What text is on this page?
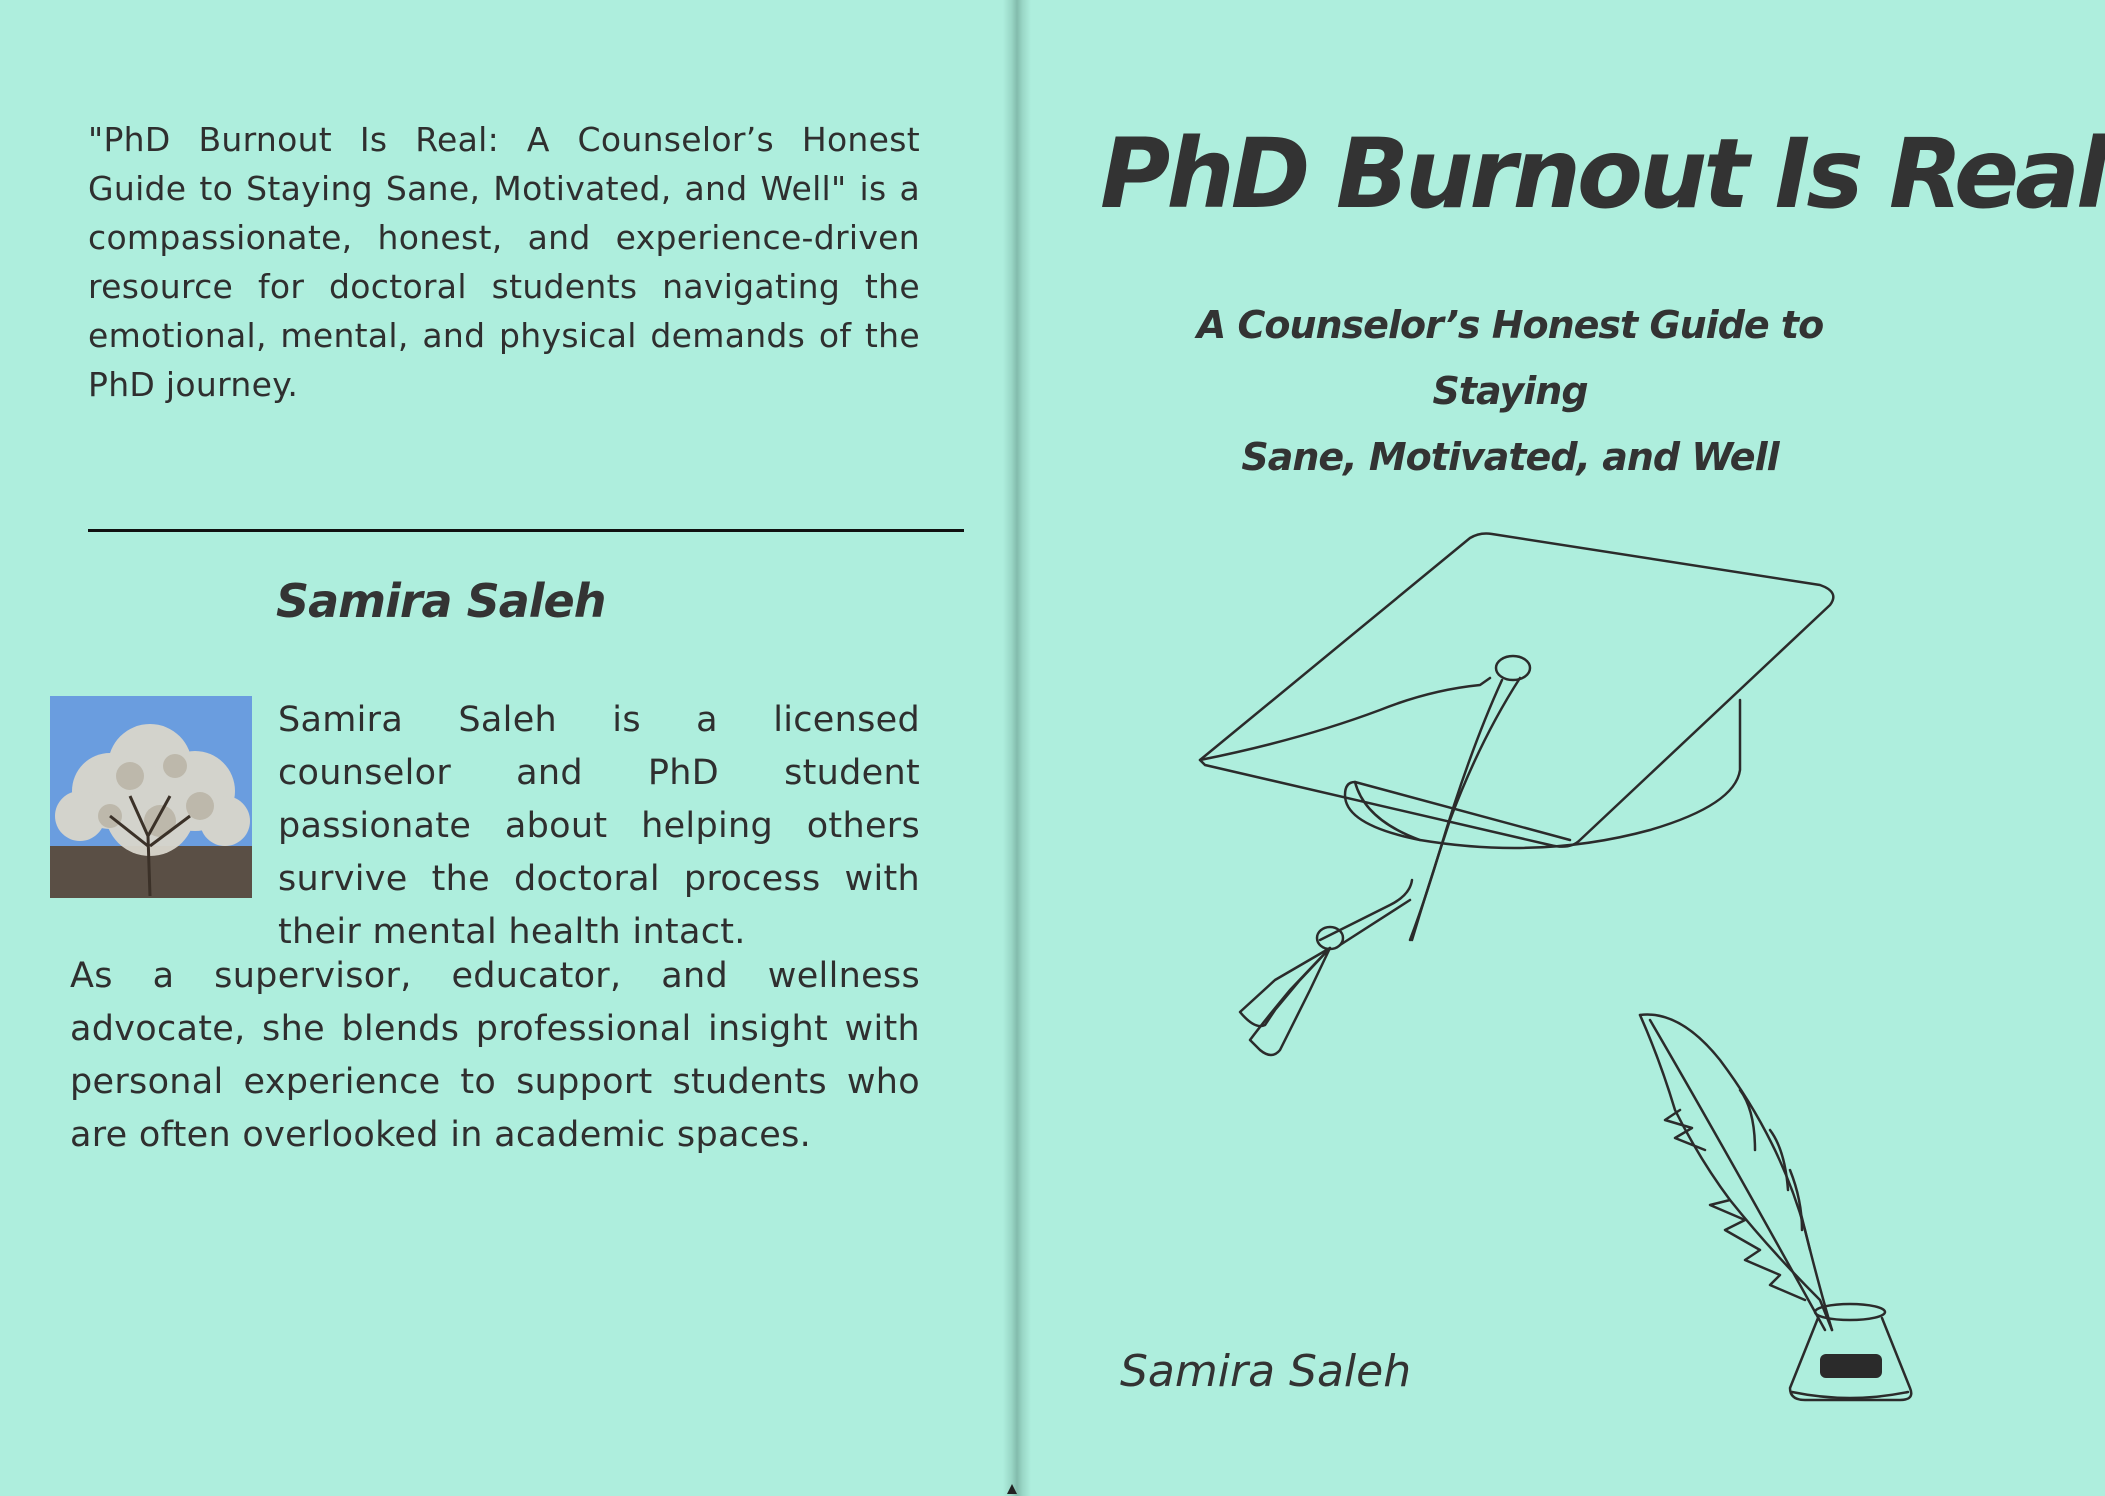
"PhD Burnout Is Real: A Counselor’s Honest Guide to Staying Sane, Motivated, and Well" is a compassionate, honest, and experience-driven resource for doctoral students navigating the emotional, mental, and physical demands of the PhD journey.

Samira Saleh

Samira Saleh is a licensed counselor and PhD student passionate about helping others survive the doctoral process with their mental health intact.

As a supervisor, educator, and wellness advocate, she blends professional insight with personal experience to support students who are often overlooked in academic spaces.

PhD Burnout Is Real
A Counselor’s Honest Guide to Staying
Sane, Motivated, and Well

Samira Saleh
